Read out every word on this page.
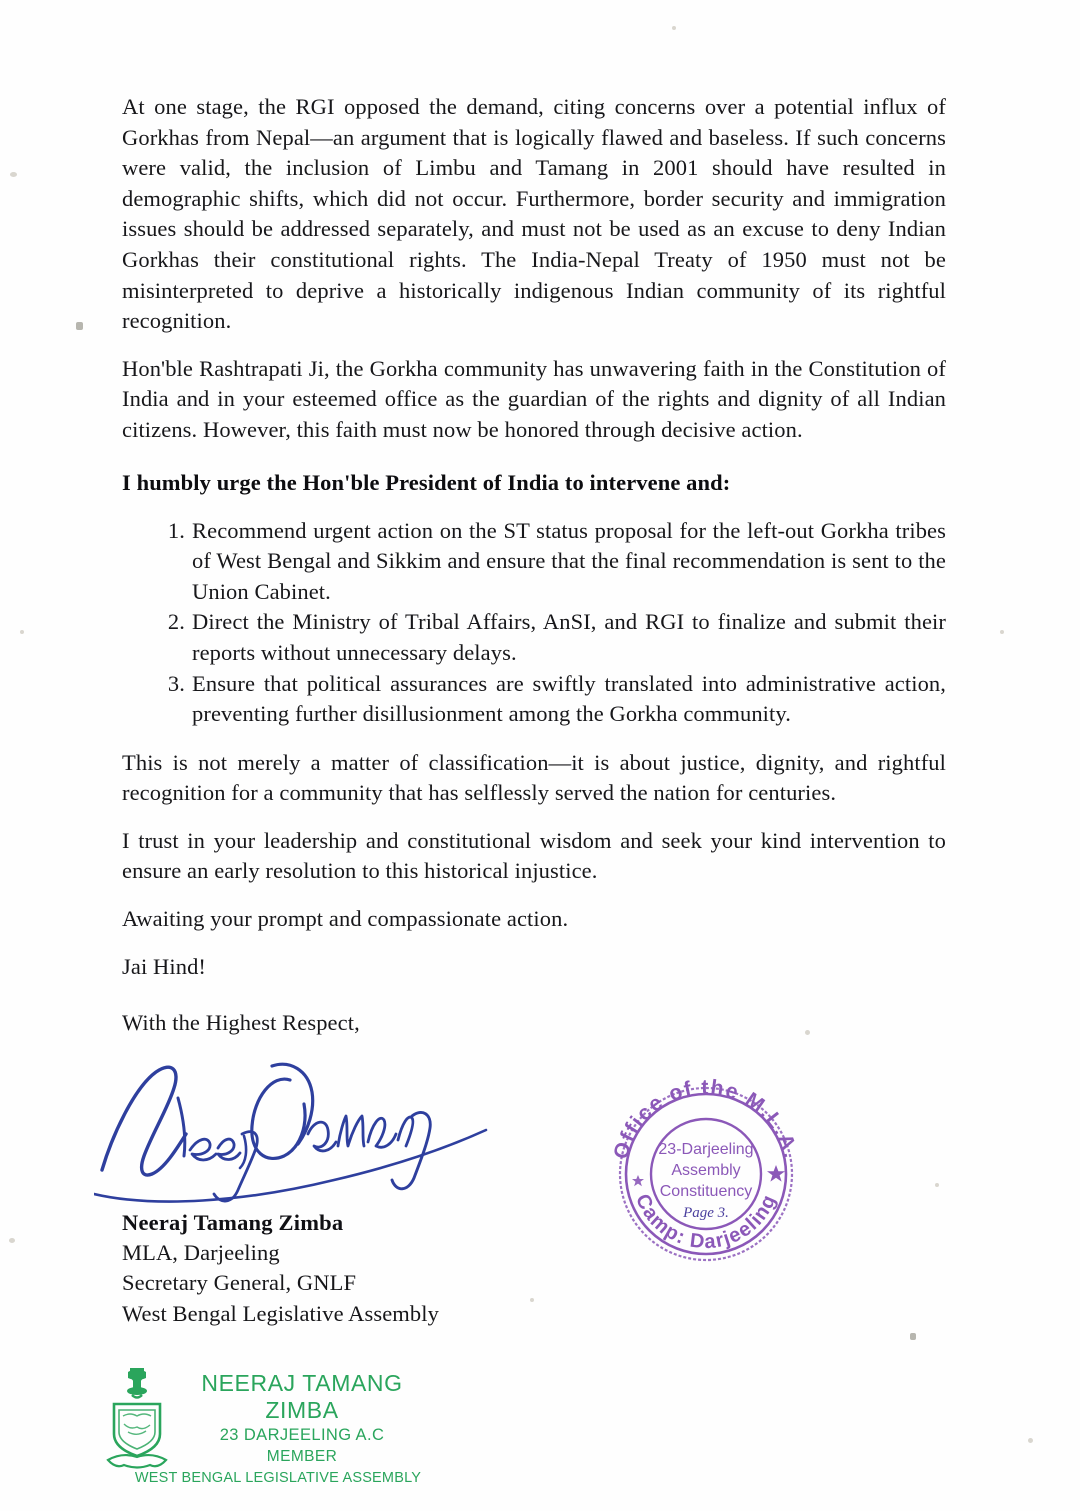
At one stage, the RGI opposed the demand, citing concerns over a potential influx of Gorkhas from Nepal—an argument that is logically flawed and baseless. If such concerns were valid, the inclusion of Limbu and Tamang in 2001 should have resulted in demographic shifts, which did not occur. Furthermore, border security and immigration issues should be addressed separately, and must not be used as an excuse to deny Indian Gorkhas their constitutional rights. The India-Nepal Treaty of 1950 must not be misinterpreted to deprive a historically indigenous Indian community of its rightful recognition.

Hon'ble Rashtrapati Ji, the Gorkha community has unwavering faith in the Constitution of India and in your esteemed office as the guardian of the rights and dignity of all Indian citizens. However, this faith must now be honored through decisive action.

I humbly urge the Hon'ble President of India to intervene and:
Recommend urgent action on the ST status proposal for the left-out Gorkha tribes of West Bengal and Sikkim and ensure that the final recommendation is sent to the Union Cabinet.
Direct the Ministry of Tribal Affairs, AnSI, and RGI to finalize and submit their reports without unnecessary delays.
Ensure that political assurances are swiftly translated into administrative action, preventing further disillusionment among the Gorkha community.

This is not merely a matter of classification—it is about justice, dignity, and rightful recognition for a community that has selflessly served the nation for centuries.

I trust in your leadership and constitutional wisdom and seek your kind intervention to ensure an early resolution to this historical injustice.

Awaiting your prompt and compassionate action.

Jai Hind!

With the Highest Respect,

Neeraj Tamang Zimba
MLA, Darjeeling
Secretary General, GNLF
West Bengal Legislative Assembly
Office of the M.L.A.
Camp: Darjeeling
23-Darjeeling
Assembly
Constituency
Page 3.
NEERAJ TAMANG ZIMBA
23 DARJEELING A.C
MEMBER
WEST BENGAL LEGISLATIVE ASSEMBLY
